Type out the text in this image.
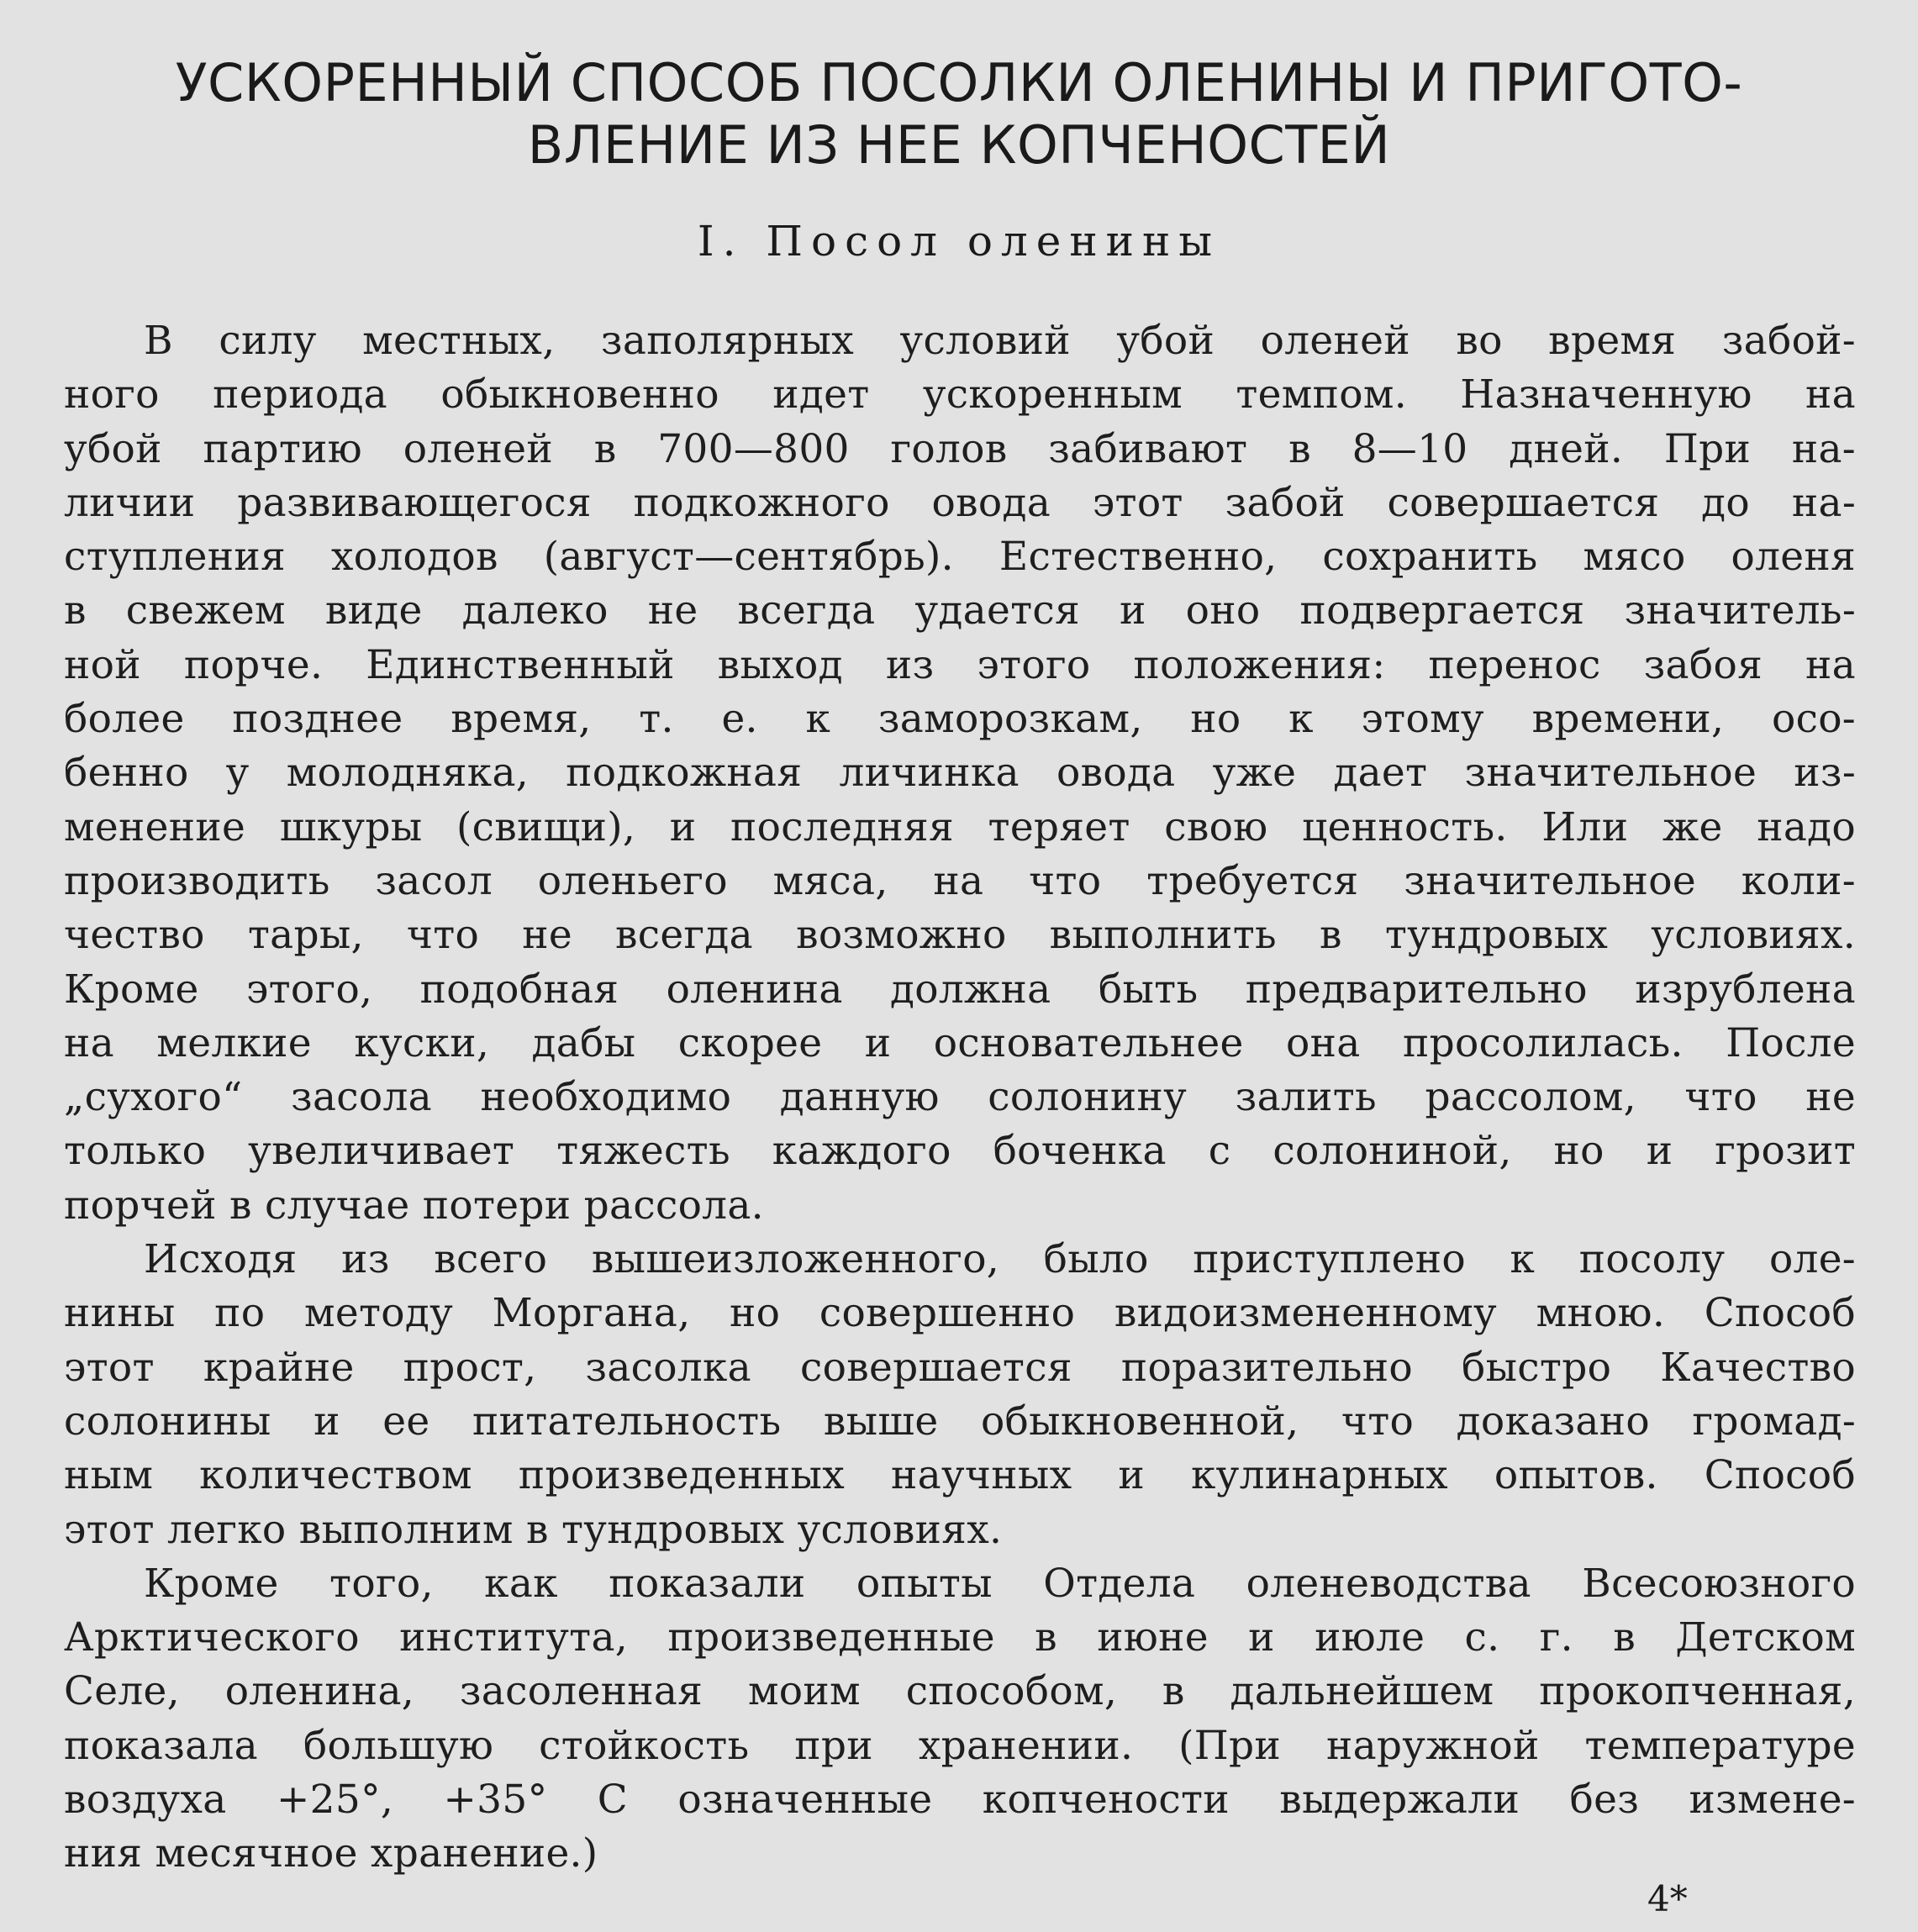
УСКОРЕННЫЙ СПОСОБ ПОСОЛКИ ОЛЕНИНЫ И ПРИГОТО-
ВЛЕНИЕ ИЗ НЕЕ КОПЧЕНОСТЕЙ
I. Посол оленины
В силу местных, заполярных условий убой оленей во время забой-
ного периода обыкновенно идет ускоренным темпом. Назначенную на
убой партию оленей в 700—800 голов забивают в 8—10 дней. При на-
личии развивающегося подкожного овода этот забой совершается до на-
ступления холодов (август—сентябрь). Естественно, сохранить мясо оленя
в свежем виде далеко не всегда удается и оно подвергается значитель-
ной порче. Единственный выход из этого положения: перенос забоя на
более позднее время, т. е. к заморозкам, но к этому времени, осо-
бенно у молодняка, подкожная личинка овода уже дает значительное из-
менение шкуры (свищи), и последняя теряет свою ценность. Или же надо
производить засол оленьего мяса, на что требуется значительное коли-
чество тары, что не всегда возможно выполнить в тундровых условиях.
Кроме этого, подобная оленина должна быть предварительно изрублена
на мелкие куски, дабы скорее и основательнее она просолилась. После
„сухого“ засола необходимо данную солонину залить рассолом, что не
только увеличивает тяжесть каждого боченка с солониной, но и грозит
порчей в случае потери рассола.
Исходя из всего вышеизложенного, было приступлено к посолу оле-
нины по методу Моргана, но совершенно видоизмененному мною. Способ
этот крайне прост, засолка совершается поразительно быстро Качество
солонины и ее питательность выше обыкновенной, что доказано громад-
ным количеством произведенных научных и кулинарных опытов. Способ
этот легко выполним в тундровых условиях.
Кроме того, как показали опыты Отдела оленеводства Всесоюзного
Арктического института, произведенные в июне и июле с. г. в Детском
Селе, оленина, засоленная моим способом, в дальнейшем прокопченная,
показала большую стойкость при хранении. (При наружной температуре
воздуха +25°, +35° С означенные копчености выдержали без измене-
ния месячное хранение.)
4*
